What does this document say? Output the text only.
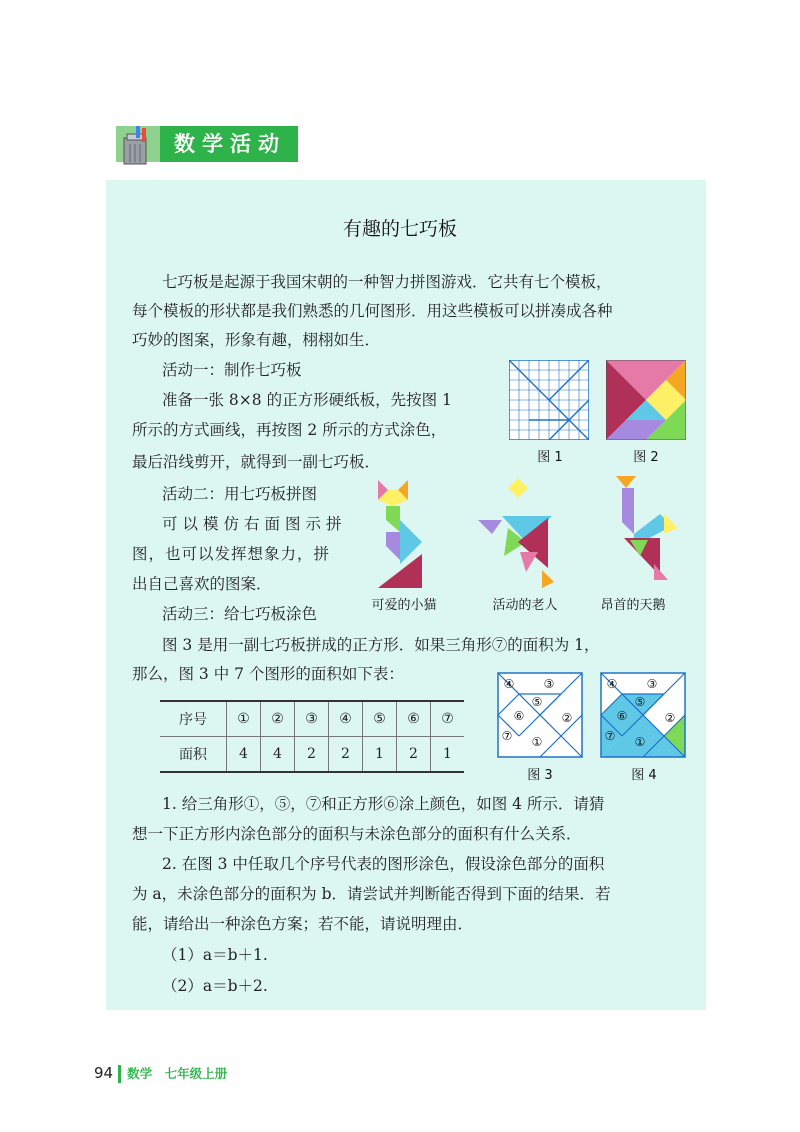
数学活动
有趣的七巧板
七巧板是起源于我国宋朝的一种智力拼图游戏．它共有七个模板，
每个模板的形状都是我们熟悉的几何图形．用这些模板可以拼凑成各种
巧妙的图案，形象有趣，栩栩如生．
活动一：制作七巧板
准备一张 8×8 的正方形硬纸板，先按图 1
所示的方式画线，再按图 2 所示的方式涂色，
最后沿线剪开，就得到一副七巧板．	图 1	图 2
活动二：用七巧板拼图
可以模仿右面图示拼
图，也可以发挥想象力，拼
出自己喜欢的图案．
可爱的小猫	活动的老人	昂首的天鹅
活动三：给七巧板涂色
图 3 是用一副七巧板拼成的正方形．如果三角形⑦的面积为 1，
那么，图 3 中 7 个图形的面积如下表：
序号	①	②	③	④	⑤	⑥	⑦
面积	4	4	2	2	1	2	1
④ ③
⑤
⑥	②
⑦ ①
图 3
④ ③
⑤
⑥	②
⑦ ①
图 4
1. 给三角形①，⑤，⑦和正方形⑥涂上颜色，如图 4 所示．请猜
想一下正方形内涂色部分的面积与未涂色部分的面积有什么关系．
2. 在图 3 中任取几个序号代表的图形涂色，假设涂色部分的面积
为 a，未涂色部分的面积为 b．请尝试并判断能否得到下面的结果．若
能，请给出一种涂色方案；若不能，请说明理由．
（1）a＝b＋1.
（2）a＝b＋2.
94 数学　七年级上册
